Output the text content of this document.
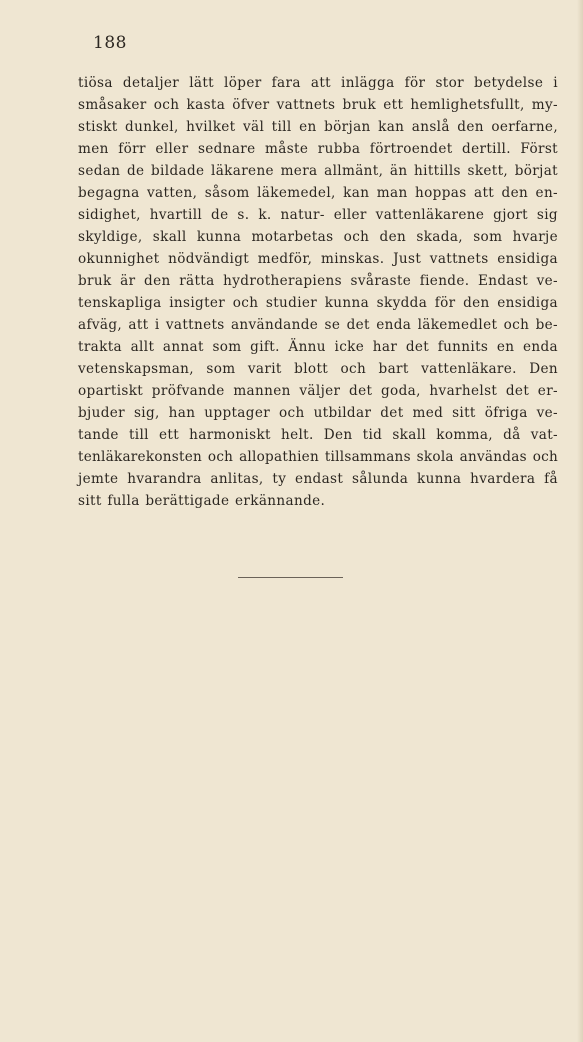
188
tiösa detaljer lätt löper fara att inlägga för stor betydelse i
småsaker och kasta öfver vattnets bruk ett hemlighetsfullt, my-
stiskt dunkel, hvilket väl till en början kan anslå den oerfarne,
men förr eller sednare måste rubba förtroendet dertill. Först
sedan de bildade läkarene mera allmänt, än hittills skett, börjat
begagna vatten, såsom läkemedel, kan man hoppas att den en-
sidighet, hvartill de s. k. natur- eller vattenläkarene gjort sig
skyldige, skall kunna motarbetas och den skada, som hvarje
okunnighet nödvändigt medför, minskas. Just vattnets ensidiga
bruk är den rätta hydrotherapiens svåraste fiende. Endast ve-
tenskapliga insigter och studier kunna skydda för den ensidiga
afväg, att i vattnets användande se det enda läkemedlet och be-
trakta allt annat som gift. Ännu icke har det funnits en enda
vetenskapsman, som varit blott och bart vattenläkare. Den
opartiskt pröfvande mannen väljer det goda, hvarhelst det er-
bjuder sig, han upptager och utbildar det med sitt öfriga ve-
tande till ett harmoniskt helt. Den tid skall komma, då vat-
tenläkarekonsten och allopathien tillsammans skola användas och
jemte hvarandra anlitas, ty endast sålunda kunna hvardera få
sitt fulla berättigade erkännande.
